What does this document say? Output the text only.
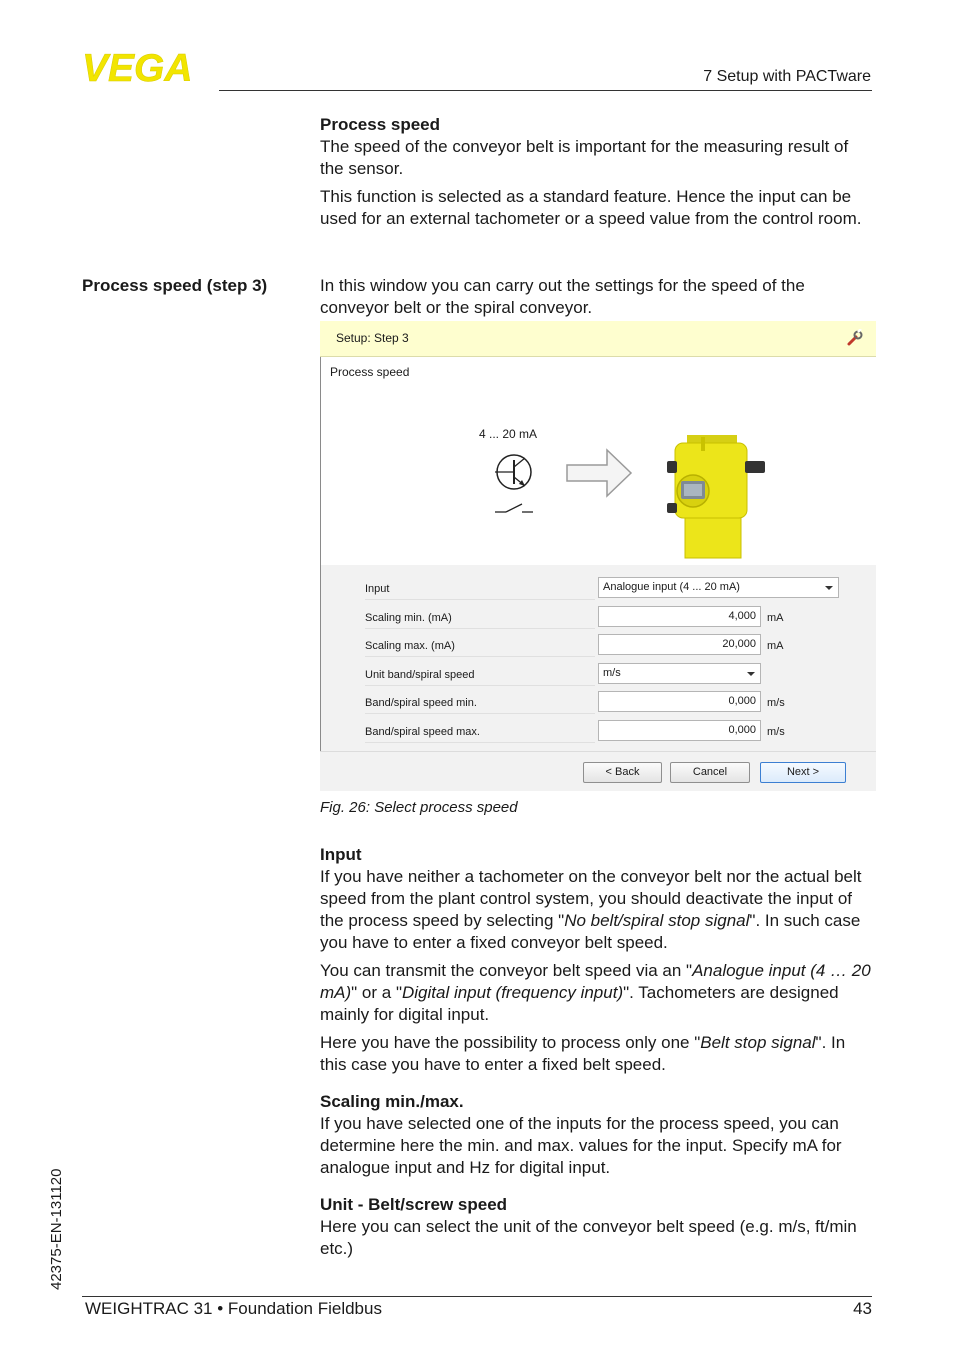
VEGA	7 Setup with PACTware

Process speed

The speed of the conveyor belt is important for the measuring result of the sensor.

This function is selected as a standard feature. Hence the input can be used for an external tachometer or a speed value from the control room.

Process speed (step 3)	In this window you can carry out the settings for the speed of the conveyor belt or the spiral conveyor.
Setup: Step 3
Process speed
4 ... 20 mA
Input	Analogue input (4 ... 20 mA)
Scaling min. (mA)	4,000	mA
Scaling max. (mA)	20,000	mA
Unit band/spiral speed	m/s
Band/spiral speed min.	0,000	m/s
Band/spiral speed max.	0,000	m/s
< Back	Cancel	Next >
Fig. 26: Select process speed

Input

If you have neither a tachometer on the conveyor belt nor the actual belt speed from the plant control system, you should deactivate the input of the process speed by selecting "No belt/spiral stop signal". In such case you have to enter a fixed conveyor belt speed.

You can transmit the conveyor belt speed via an "Analogue input (4 … 20 mA)" or a "Digital input (frequency input)". Tachometers are designed mainly for digital input.

Here you have the possibility to process only one "Belt stop signal". In this case you have to enter a fixed belt speed.

Scaling min./max.

If you have selected one of the inputs for the process speed, you can determine here the min. and max. values for the input. Specify mA for analogue input and Hz for digital input.

Unit - Belt/screw speed

Here you can select the unit of the conveyor belt speed (e.g. m/s, ft/min etc.)

42375-EN-131120
WEIGHTRAC 31 • Foundation Fieldbus	43
